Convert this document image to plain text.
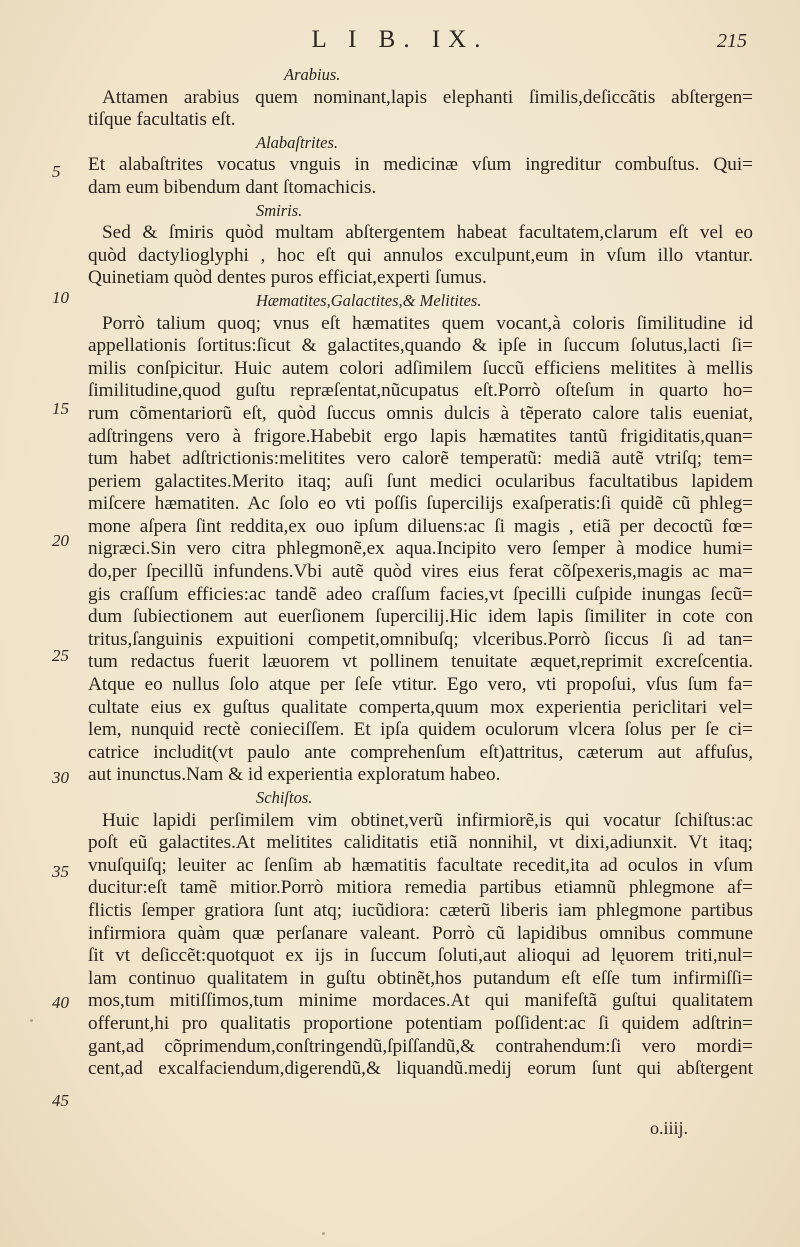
L I B. IX.	215
Arabius.
Attamen arabius quem nominant,lapis elephanti ſimilis,deſiccãtis abſtergen=
tiſque facultatis eſt.
Alabaſtrites.
Et alabaſtrites vocatus vnguis in medicinæ vſum ingreditur combuſtus. Qui=
dam eum bibendum dant ſtomachicis.
Smiris.
Sed & ſmiris quòd multam abſtergentem habeat facultatem,clarum eſt vel eo
quòd dactylioglyphi , hoc eſt qui annulos exculpunt,eum in vſum illo vtantur.
Quinetiam quòd dentes puros efficiat,experti ſumus.
Hæmatites,Galactites,& Melitites.
Porrò talium quoq; vnus eſt hæmatites quem vocant,à coloris ſimilitudine id
appellationis ſortitus:ſicut & galactites,quando & ipſe in ſuccum ſolutus,lacti ſi=
milis conſpicitur. Huic autem colori adſimilem ſuccũ efficiens melitites à mellis
ſimilitudine,quod guſtu repræſentat,nũcupatus eſt.Porrò oſteſum in quarto ho=
rum cõmentariorũ eſt, quòd ſuccus omnis dulcis à tẽperato calore talis eueniat,
adſtringens vero à frigore.Habebit ergo lapis hæmatites tantũ frigiditatis,quan=
tum habet adſtrictionis:melitites vero calorẽ temperatũ: mediã autẽ vtriſq; tem=
periem galactites.Merito itaq; auſi ſunt medici ocularibus facultatibus lapidem
miſcere hæmatiten. Ac ſolo eo vti poſſis ſupercilijs exaſperatis:ſi quidẽ cũ phleg=
mone aſpera ſint reddita,ex ouo ipſum diluens:ac ſi magis , etiã per decoctũ fœ=
nigræci.Sin vero citra phlegmonẽ,ex aqua.Incipito vero ſemper à modice humi=
do,per ſpecillũ infundens.Vbi autẽ quòd vires eius ferat cõſpexeris,magis ac ma=
gis craſſum efficies:ac tandẽ adeo craſſum facies,vt ſpecilli cuſpide inungas ſecũ=
dum ſubiectionem aut euerſionem ſupercilij.Hic idem lapis ſimiliter in cote con
tritus,ſanguinis expuitioni competit,omnibuſq; vlceribus.Porrò ſiccus ſi ad tan=
tum redactus fuerit læuorem vt pollinem tenuitate æquet,reprimit excreſcentia.
Atque eo nullus ſolo atque per ſeſe vtitur. Ego vero, vti propoſui, vſus ſum fa=
cultate eius ex guſtus qualitate comperta,quum mox experientia periclitari vel=
lem, nunquid rectè conieciſſem. Et ipſa quidem oculorum vlcera ſolus per ſe ci=
catrice includit(vt paulo ante comprehenſum eſt)attritus, cæterum aut affuſus,
aut inunctus.Nam & id experientia exploratum habeo.
Schiſtos.
Huic lapidi perſimilem vim obtinet,verũ infirmiorẽ,is qui vocatur ſchiſtus:ac
poſt eũ galactites.At melitites caliditatis etiã nonnihil, vt dixi,adiunxit. Vt itaq;
vnuſquiſq; leuiter ac ſenſim ab hæmatitis facultate recedit,ita ad oculos in vſum
ducitur:eſt tamẽ mitior.Porrò mitiora remedia partibus etiamnũ phlegmone af=
flictis ſemper gratiora ſunt atq; iucũdiora: cæterũ liberis iam phlegmone partibus
infirmiora quàm quæ perſanare valeant. Porrò cũ lapidibus omnibus commune
ſit vt deſiccẽt:quotquot ex ijs in ſuccum ſoluti,aut alioqui ad lęuorem triti,nul=
lam continuo qualitatem in guſtu obtinẽt,hos putandum eſt eſſe tum infirmiſſi=
mos,tum mitiſſimos,tum minime mordaces.At qui manifeſtã guſtui qualitatem
offerunt,hi pro qualitatis proportione potentiam poſſident:ac ſi quidem adſtrin=
gant,ad cõprimendum,conſtringendũ,ſpiſſandũ,& contrahendum:ſi vero mordi=
cent,ad excalfaciendum,digerendũ,& liquandũ.medij eorum ſunt qui abſtergent
5
10
15
20
25
30
35
40
45
o.iiij.
